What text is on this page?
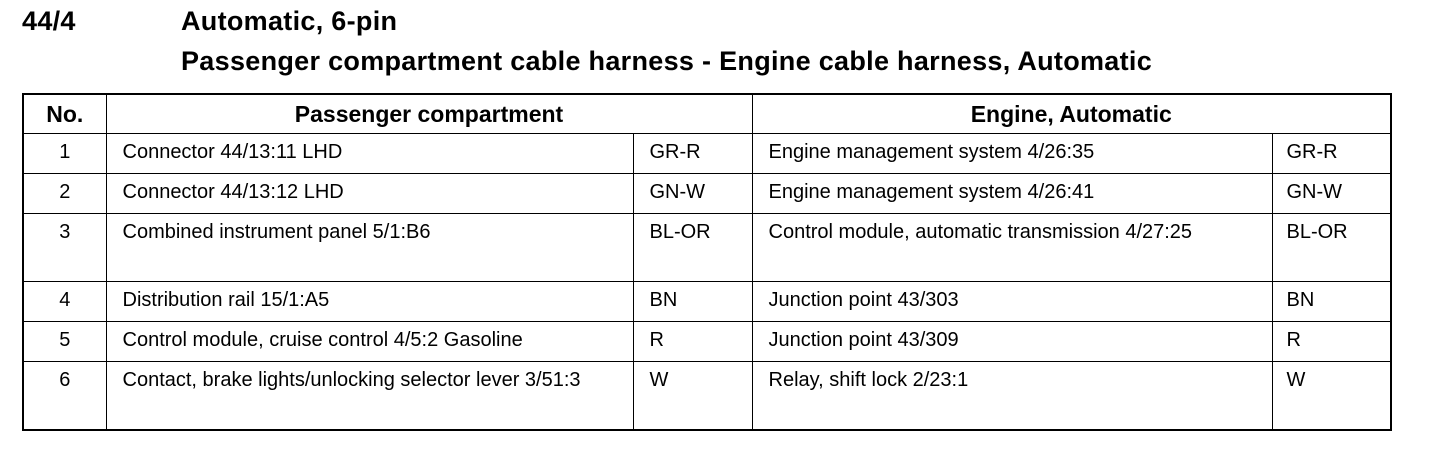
44/4	Automatic, 6-pin
Passenger compartment cable harness - Engine cable harness, Automatic
No.	Passenger compartment		Engine, Automatic	
1	Connector 44/13:11 LHD	GR-R	Engine management system 4/26:35	GR-R
2	Connector 44/13:12 LHD	GN-W	Engine management system 4/26:41	GN-W
3	Combined instrument panel 5/1:B6	BL-OR	Control module, automatic transmission 4/27:25	BL-OR
4	Distribution rail 15/1:A5	BN	Junction point 43/303	BN
5	Control module, cruise control 4/5:2 Gasoline	R	Junction point 43/309	R
6	Contact, brake lights/unlocking selector lever 3/51:3	W	Relay, shift lock 2/23:1	W
